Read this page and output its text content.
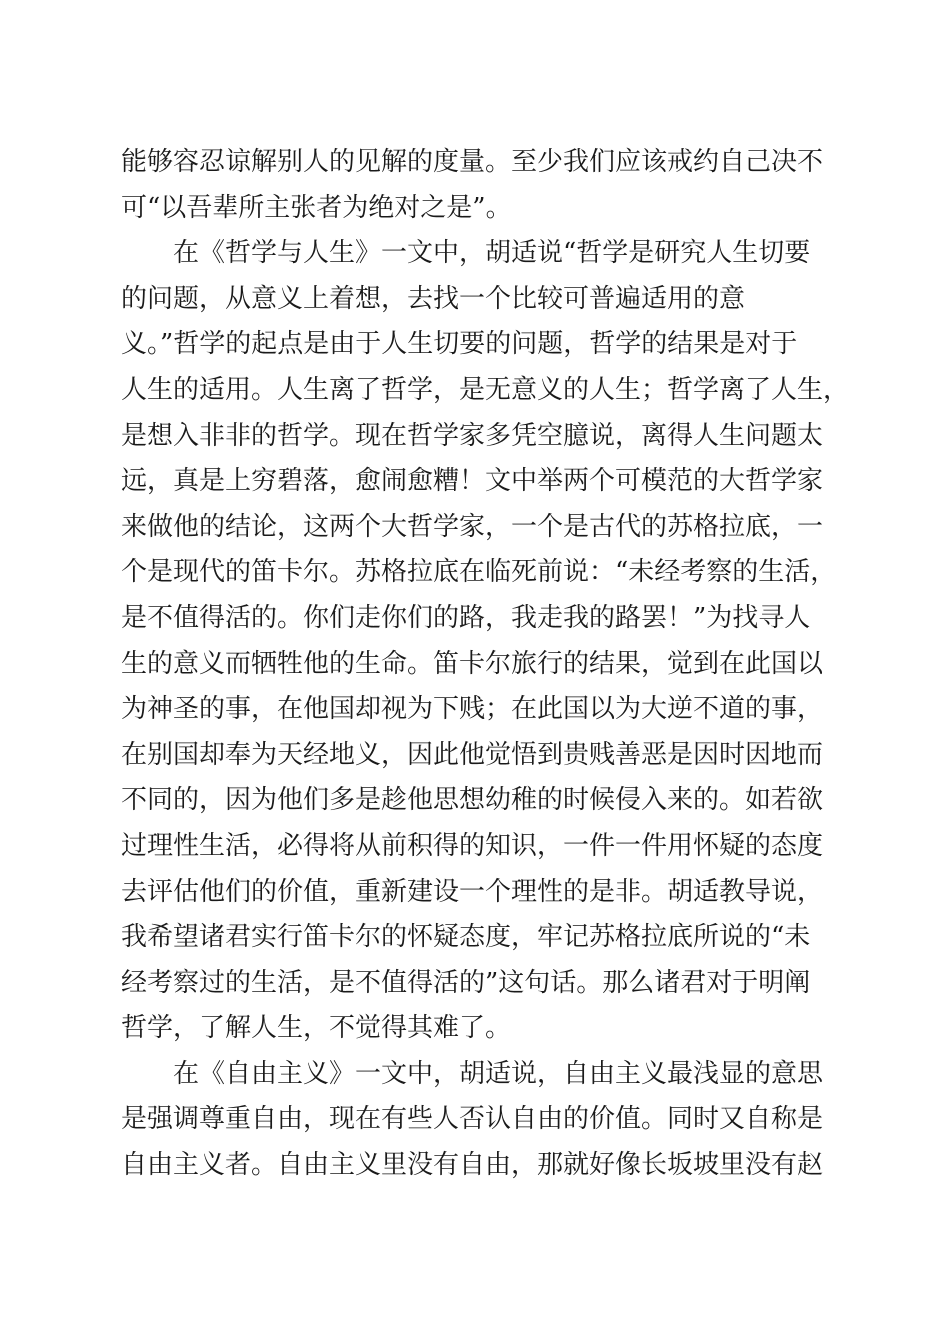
能够容忍谅解别人的见解的度量。至少我们应该戒约自己决不
可“以吾辈所主张者为绝对之是”。
在《哲学与人生》一文中，胡适说“哲学是研究人生切要
的问题，从意义上着想，去找一个比较可普遍适用的意
义。”哲学的起点是由于人生切要的问题，哲学的结果是对于
人生的适用。人生离了哲学，是无意义的人生；哲学离了人生，
是想入非非的哲学。现在哲学家多凭空臆说，离得人生问题太
远，真是上穷碧落，愈闹愈糟！文中举两个可模范的大哲学家
来做他的结论，这两个大哲学家，一个是古代的苏格拉底，一
个是现代的笛卡尔。苏格拉底在临死前说：“未经考察的生活，
是不值得活的。你们走你们的路，我走我的路罢！”为找寻人
生的意义而牺牲他的生命。笛卡尔旅行的结果，觉到在此国以
为神圣的事，在他国却视为下贱；在此国以为大逆不道的事，
在别国却奉为天经地义，因此他觉悟到贵贱善恶是因时因地而
不同的，因为他们多是趁他思想幼稚的时候侵入来的。如若欲
过理性生活，必得将从前积得的知识，一件一件用怀疑的态度
去评估他们的价值，重新建设一个理性的是非。胡适教导说，
我希望诸君实行笛卡尔的怀疑态度，牢记苏格拉底所说的“未
经考察过的生活，是不值得活的”这句话。那么诸君对于明阐
哲学，了解人生，不觉得其难了。
在《自由主义》一文中，胡适说，自由主义最浅显的意思
是强调尊重自由，现在有些人否认自由的价值。同时又自称是
自由主义者。自由主义里没有自由，那就好像长坂坡里没有赵
